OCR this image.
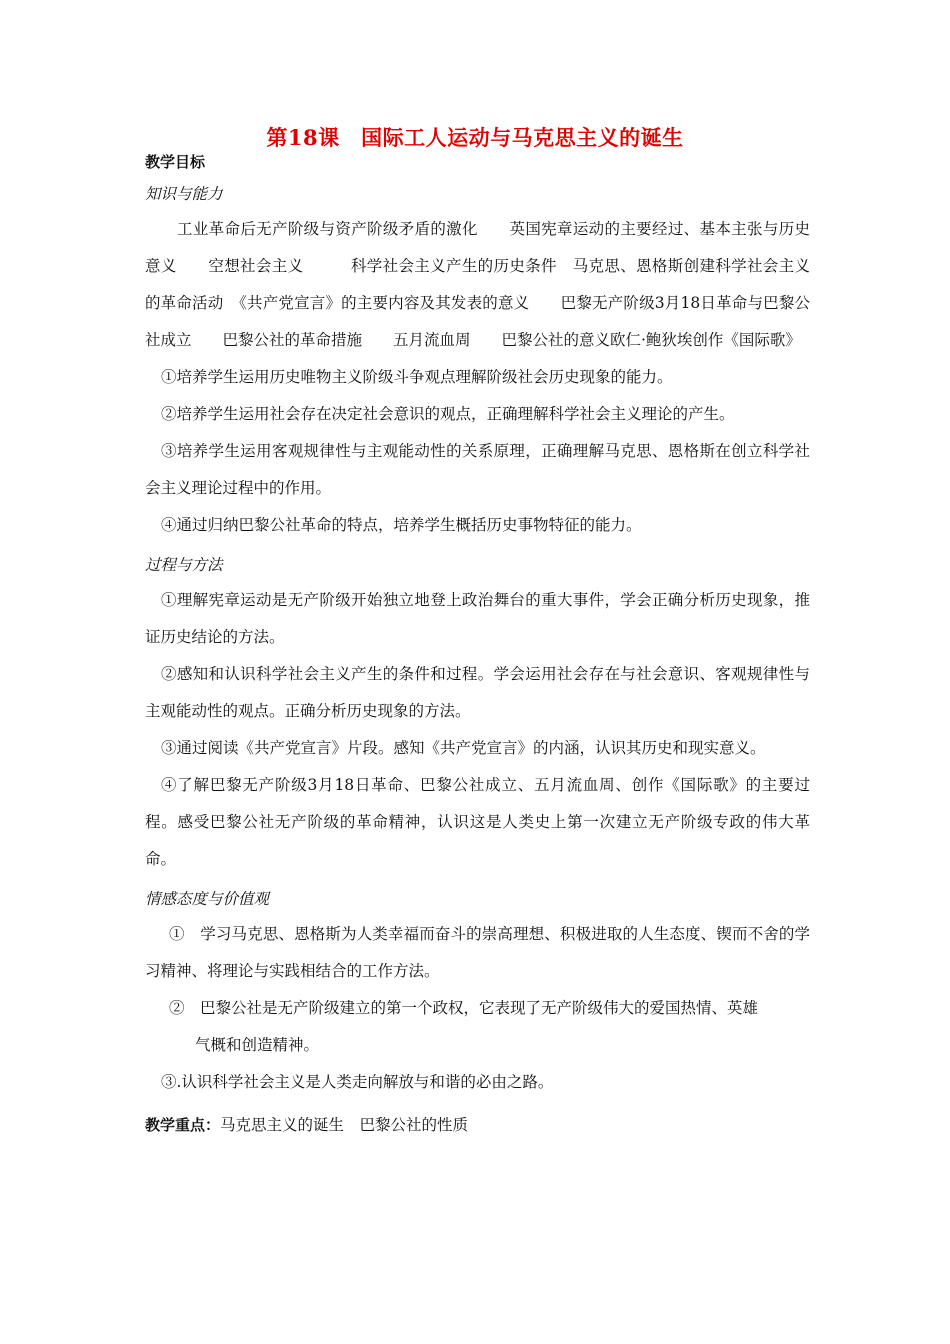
第18课　国际工人运动与马克思主义的诞生
教学目标
知识与能力
工业革命后无产阶级与资产阶级矛盾的激化　　英国宪章运动的主要经过、基本主张与历史意义　　空想社会主义　　　科学社会主义产生的历史条件　马克思、恩格斯创建科学社会主义的革命活动　《共产党宣言》的主要内容及其发表的意义　　巴黎无产阶级3月18日革命与巴黎公社成立　　巴黎公社的革命措施　　五月流血周　　巴黎公社的意义欧仁·鲍狄埃创作《国际歌》
①培养学生运用历史唯物主义阶级斗争观点理解阶级社会历史现象的能力。
②培养学生运用社会存在决定社会意识的观点，正确理解科学社会主义理论的产生。
③培养学生运用客观规律性与主观能动性的关系原理，正确理解马克思、恩格斯在创立科学社会主义理论过程中的作用。
④通过归纳巴黎公社革命的特点，培养学生概括历史事物特征的能力。
过程与方法
①理解宪章运动是无产阶级开始独立地登上政治舞台的重大事件，学会正确分析历史现象，推证历史结论的方法。
②感知和认识科学社会主义产生的条件和过程。学会运用社会存在与社会意识、客观规律性与主观能动性的观点。正确分析历史现象的方法。
③通过阅读《共产党宣言》片段。感知《共产党宣言》的内涵，认识其历史和现实意义。
④了解巴黎无产阶级3月18日革命、巴黎公社成立、五月流血周、创作《国际歌》的主要过程。感受巴黎公社无产阶级的革命精神，认识这是人类史上第一次建立无产阶级专政的伟大革命。
情感态度与价值观
①　学习马克思、恩格斯为人类幸福而奋斗的崇高理想、积极进取的人生态度、锲而不舍的学习精神、将理论与实践相结合的工作方法。
②　巴黎公社是无产阶级建立的第一个政权，它表现了无产阶级伟大的爱国热情、英雄
气概和创造精神。
③.认识科学社会主义是人类走向解放与和谐的必由之路。
教学重点：马克思主义的诞生　巴黎公社的性质
